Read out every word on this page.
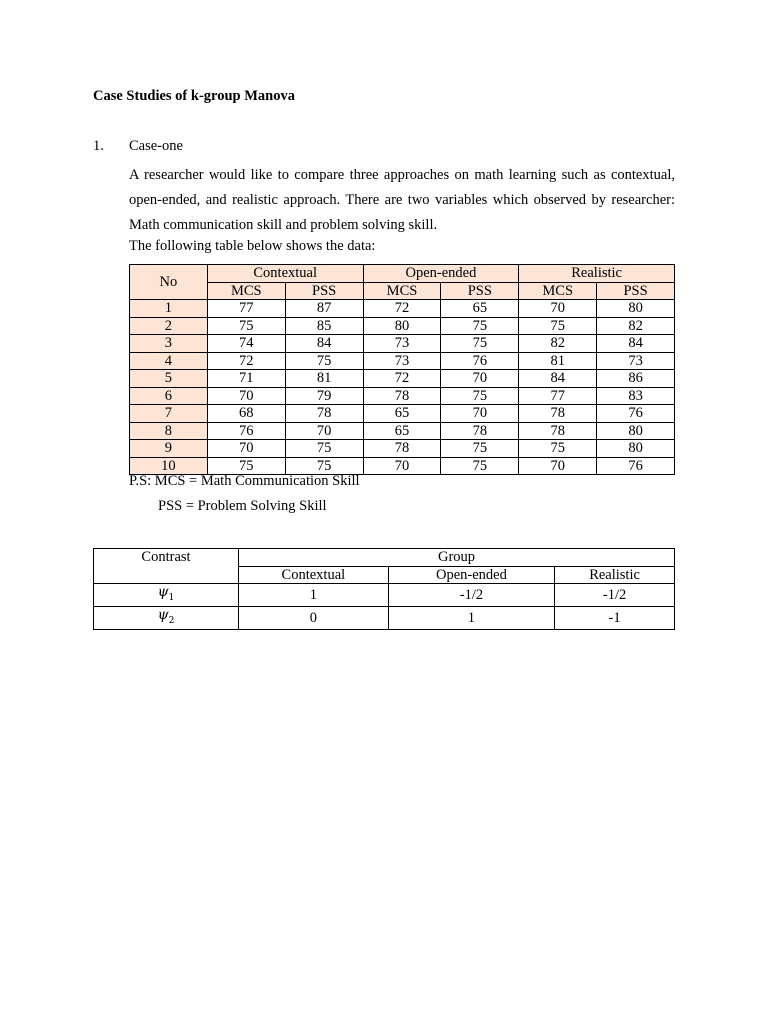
Case Studies of k-group Manova
1. Case-one
A researcher would like to compare three approaches on math learning such as contextual, open-ended, and realistic approach. There are two variables which observed by researcher: Math communication skill and problem solving skill.
The following table below shows the data:
No	Contextual		Open-ended		Realistic	
	MCS	PSS	MCS	PSS	MCS	PSS
1	77	87	72	65	70	80
2	75	85	80	75	75	82
3	74	84	73	75	82	84
4	72	75	73	76	81	73
5	71	81	72	70	84	86
6	70	79	78	75	77	83
7	68	78	65	70	78	76
8	76	70	65	78	78	80
9	70	75	78	75	75	80
10	75	75	70	75	70	76
P.S: MCS = Math Communication Skill
PSS = Problem Solving Skill
Contrast	Group		
	Contextual	Open-ended	Realistic
$\psi_1$	1	-1/2	-1/2
$\psi_2$	0	1	-1
